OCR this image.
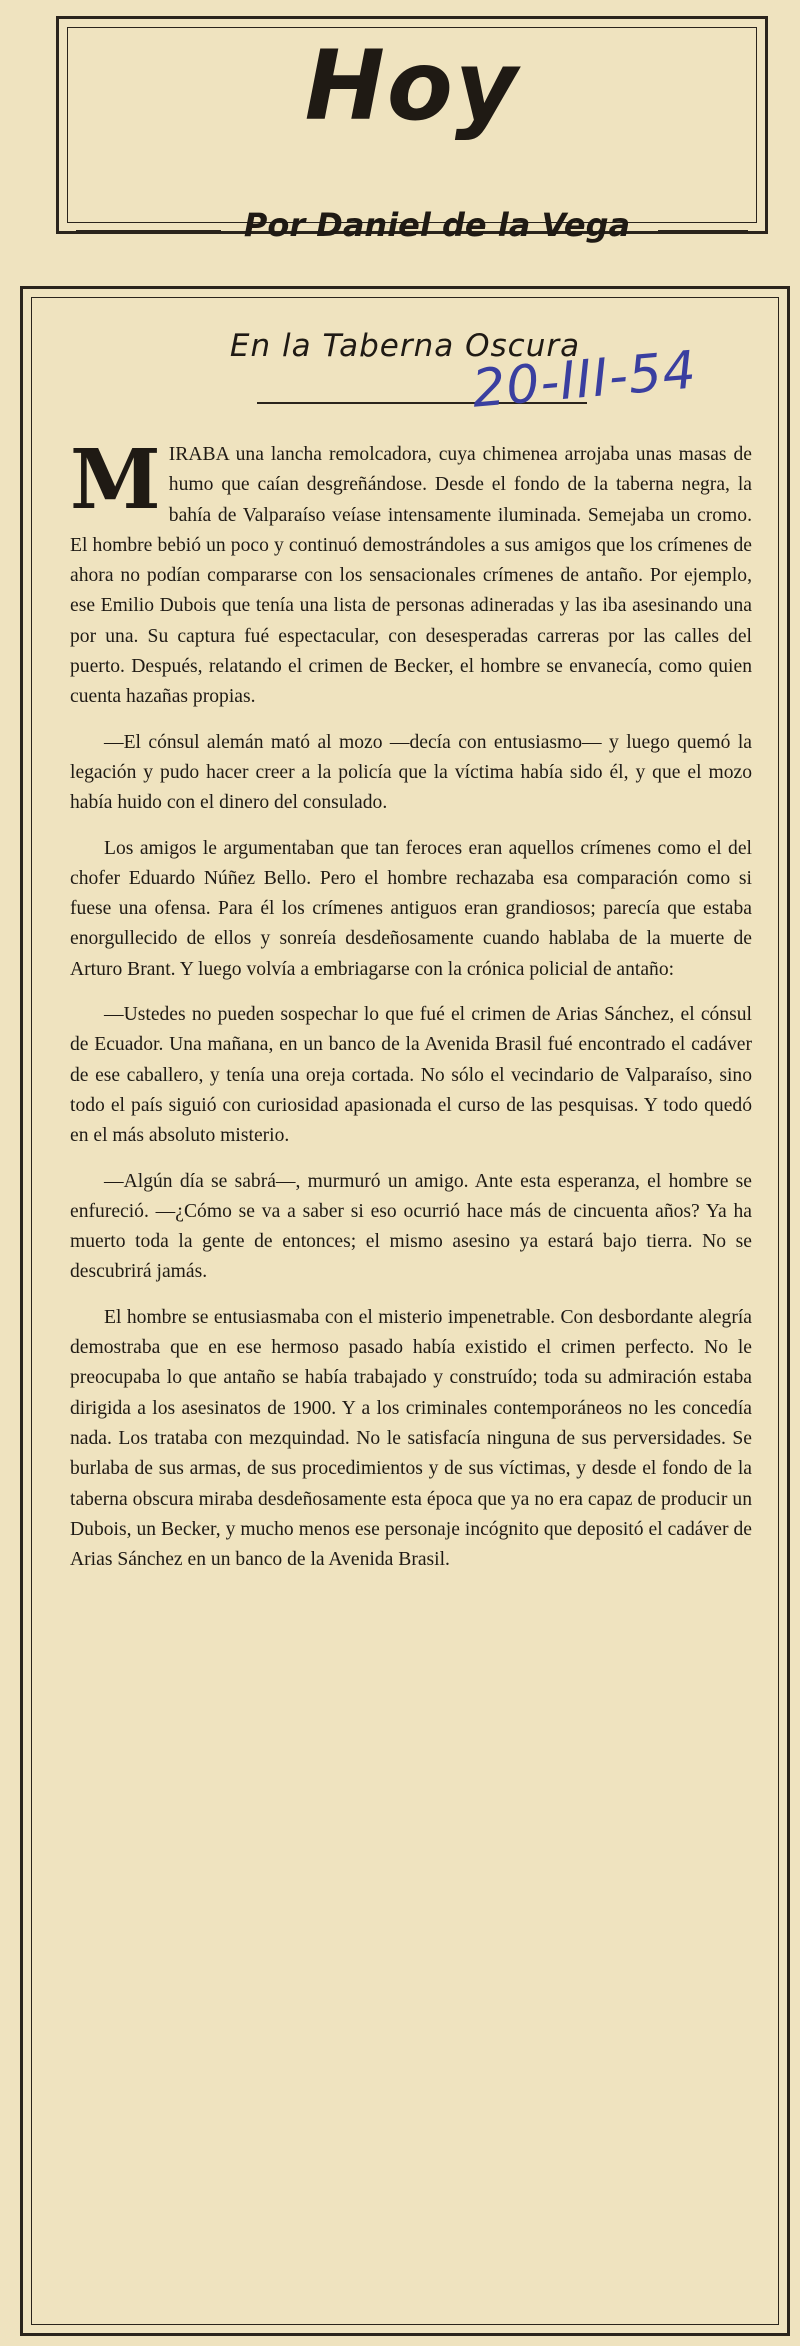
Hoy
Por Daniel de la Vega
En la Taberna Oscura
20-III-54

MIRABA una lancha remolcadora, cuya chimenea arrojaba unas masas de humo que caían desgreñándose. Desde el fondo de la taberna negra, la bahía de Valparaíso veíase intensamente iluminada. Semejaba un cromo. El hombre bebió un poco y continuó demostrándoles a sus amigos que los crímenes de ahora no podían compararse con los sensacionales crímenes de antaño. Por ejemplo, ese Emilio Dubois que tenía una lista de personas adineradas y las iba asesinando una por una. Su captura fué espectacular, con desesperadas carreras por las calles del puerto. Después, relatando el crimen de Becker, el hombre se envanecía, como quien cuenta hazañas propias.

—El cónsul alemán mató al mozo —decía con entusiasmo— y luego quemó la legación y pudo hacer creer a la policía que la víctima había sido él, y que el mozo había huido con el dinero del consulado.

Los amigos le argumentaban que tan feroces eran aquellos crímenes como el del chofer Eduardo Núñez Bello. Pero el hombre rechazaba esa comparación como si fuese una ofensa. Para él los crímenes antiguos eran grandiosos; parecía que estaba enorgullecido de ellos y sonreía desdeñosamente cuando hablaba de la muerte de Arturo Brant. Y luego volvía a embriagarse con la crónica policial de antaño:

—Ustedes no pueden sospechar lo que fué el crimen de Arias Sánchez, el cónsul de Ecuador. Una mañana, en un banco de la Avenida Brasil fué encontrado el cadáver de ese caballero, y tenía una oreja cortada. No sólo el vecindario de Valparaíso, sino todo el país siguió con curiosidad apasionada el curso de las pesquisas. Y todo quedó en el más absoluto misterio.

—Algún día se sabrá—, murmuró un amigo. Ante esta esperanza, el hombre se enfureció. —¿Cómo se va a saber si eso ocurrió hace más de cincuenta años? Ya ha muerto toda la gente de entonces; el mismo asesino ya estará bajo tierra. No se descubrirá jamás.

El hombre se entusiasmaba con el misterio impenetrable. Con desbordante alegría demostraba que en ese hermoso pasado había existido el crimen perfecto. No le preocupaba lo que antaño se había trabajado y construído; toda su admiración estaba dirigida a los asesinatos de 1900. Y a los criminales contemporáneos no les concedía nada. Los trataba con mezquindad. No le satisfacía ninguna de sus perversidades. Se burlaba de sus armas, de sus procedimientos y de sus víctimas, y desde el fondo de la taberna obscura miraba desdeñosamente esta época que ya no era capaz de producir un Dubois, un Becker, y mucho menos ese personaje incógnito que depositó el cadáver de Arias Sánchez en un banco de la Avenida Brasil.
